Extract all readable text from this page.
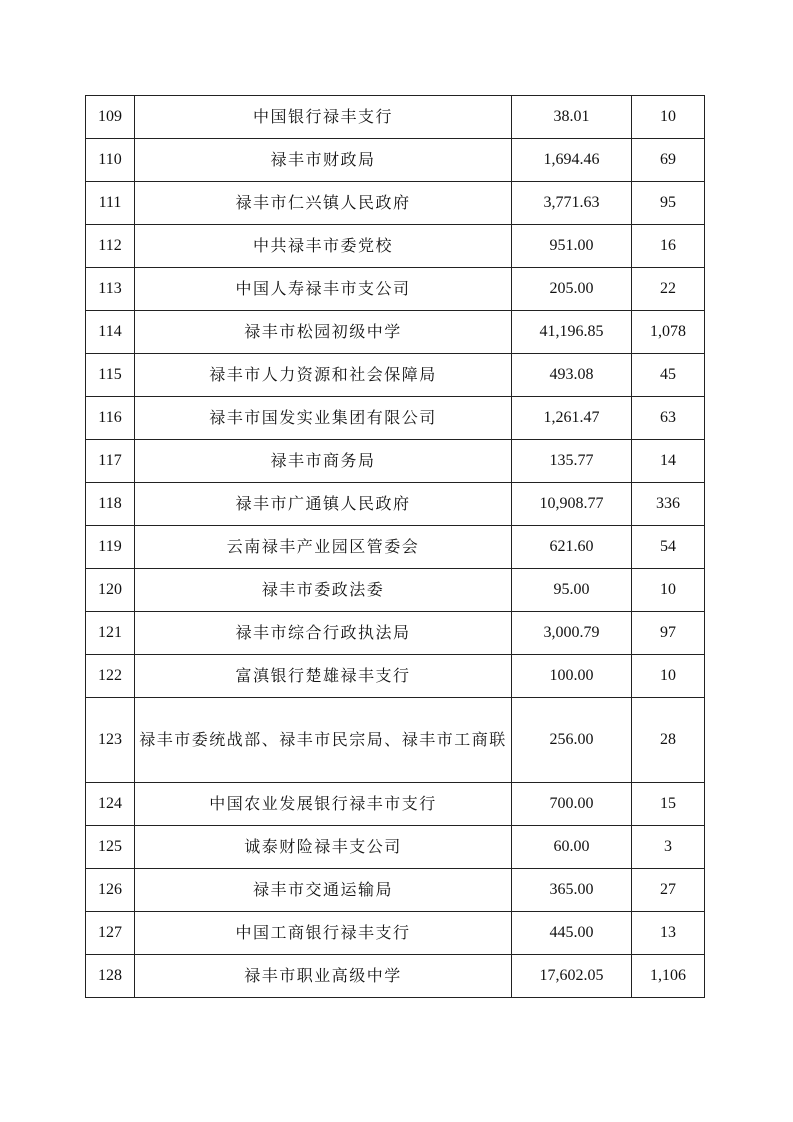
109	中国银行禄丰支行	38.01	10
110	禄丰市财政局	1,694.46	69
111	禄丰市仁兴镇人民政府	3,771.63	95
112	中共禄丰市委党校	951.00	16
113	中国人寿禄丰市支公司	205.00	22
114	禄丰市松园初级中学	41,196.85	1,078
115	禄丰市人力资源和社会保障局	493.08	45
116	禄丰市国发实业集团有限公司	1,261.47	63
117	禄丰市商务局	135.77	14
118	禄丰市广通镇人民政府	10,908.77	336
119	云南禄丰产业园区管委会	621.60	54
120	禄丰市委政法委	95.00	10
121	禄丰市综合行政执法局	3,000.79	97
122	富滇银行楚雄禄丰支行	100.00	10
123	禄丰市委统战部、禄丰市民宗局、禄丰市工商联	256.00	28
124	中国农业发展银行禄丰市支行	700.00	15
125	诚泰财险禄丰支公司	60.00	3
126	禄丰市交通运输局	365.00	27
127	中国工商银行禄丰支行	445.00	13
128	禄丰市职业高级中学	17,602.05	1,106
